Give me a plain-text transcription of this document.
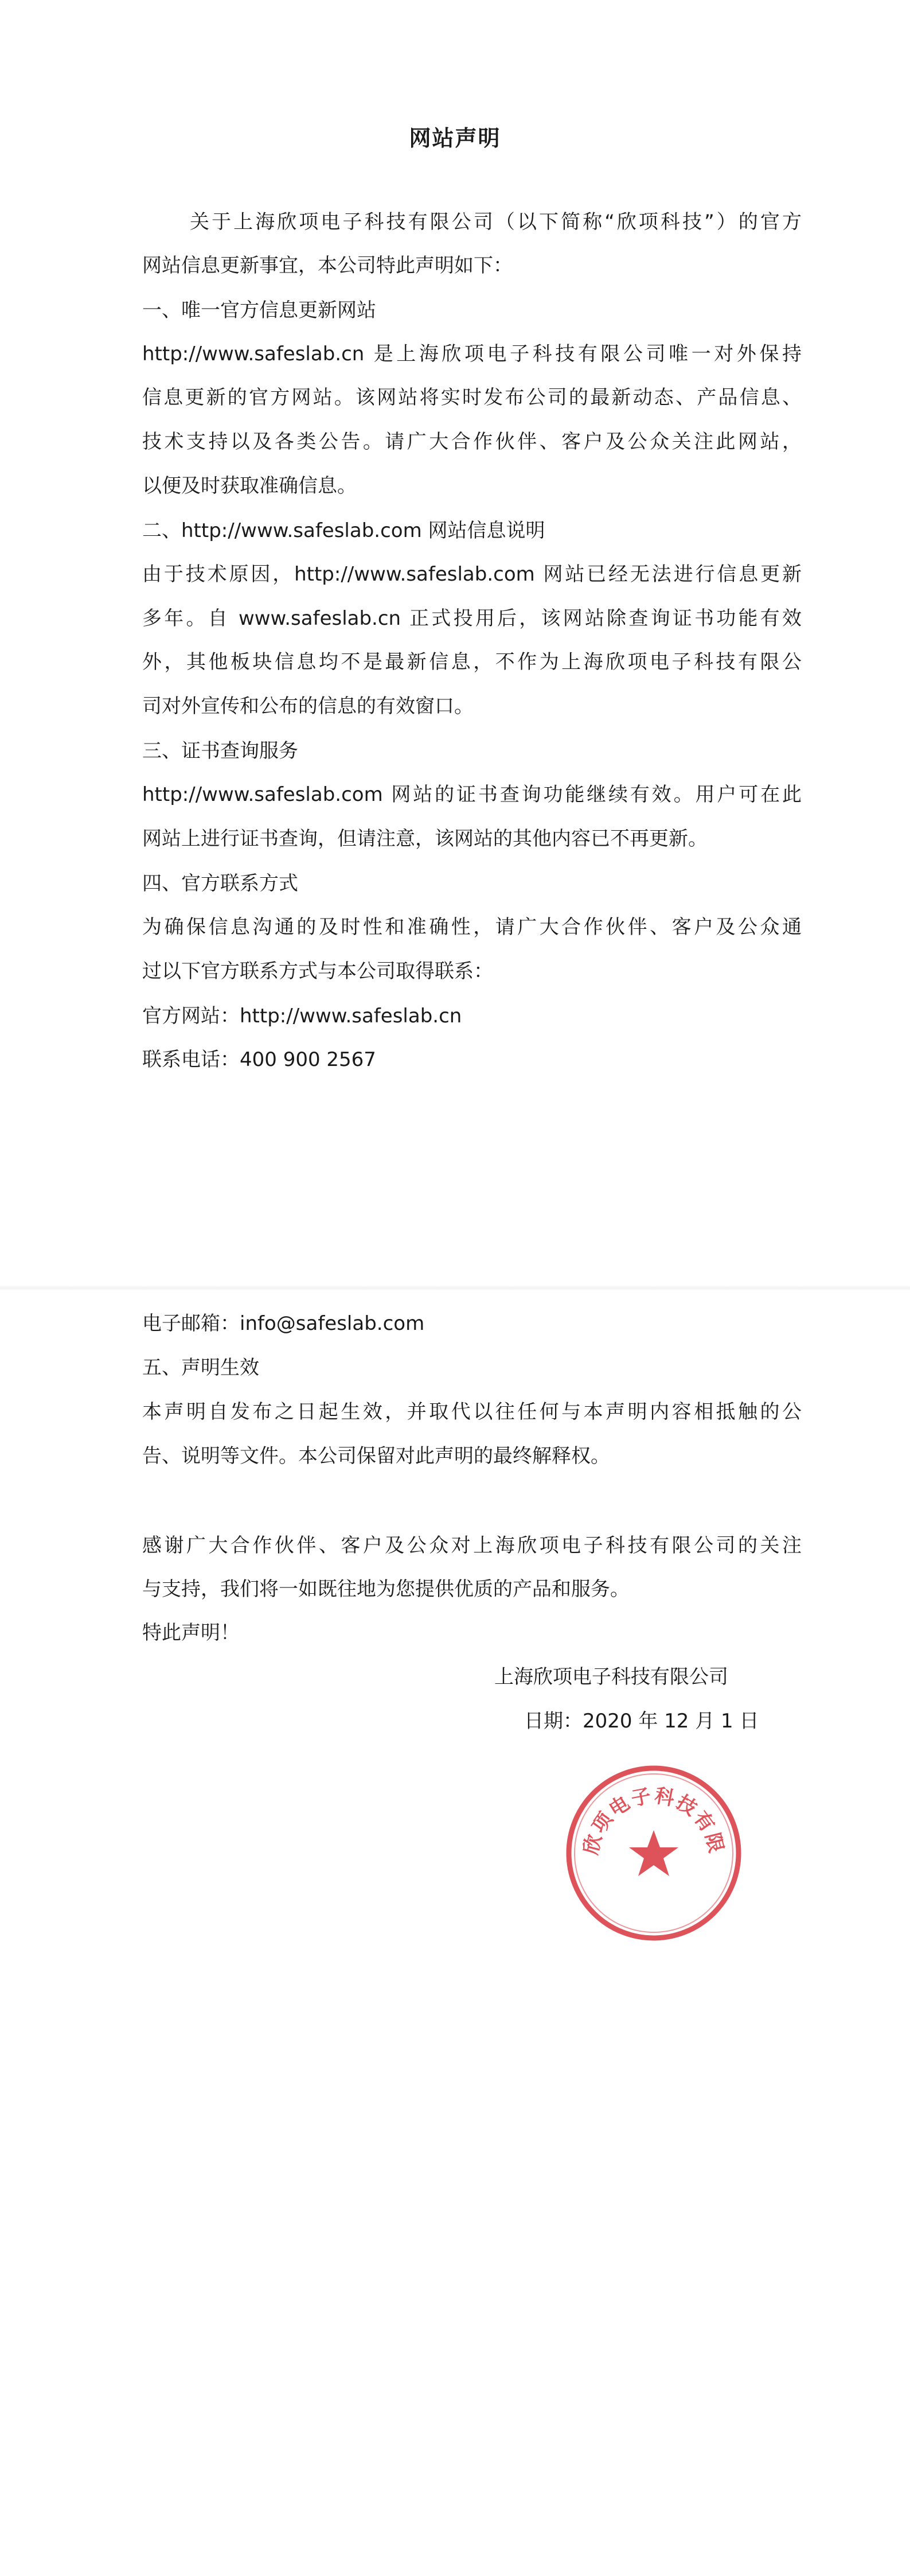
网站声明
关于上海欣项电子科技有限公司（以下简称“欣项科技”）的官方
网站信息更新事宜，本公司特此声明如下：
一、唯一官方信息更新网站
http://www.safeslab.cn 是上海欣项电子科技有限公司唯一对外保持
信息更新的官方网站。该网站将实时发布公司的最新动态、产品信息、
技术支持以及各类公告。请广大合作伙伴、客户及公众关注此网站，
以便及时获取准确信息。
二、http://www.safeslab.com 网站信息说明
由于技术原因，http://www.safeslab.com 网站已经无法进行信息更新
多年。自 www.safeslab.cn 正式投用后，该网站除查询证书功能有效
外，其他板块信息均不是最新信息，不作为上海欣项电子科技有限公
司对外宣传和公布的信息的有效窗口。
三、证书查询服务
http://www.safeslab.com 网站的证书查询功能继续有效。用户可在此
网站上进行证书查询，但请注意，该网站的其他内容已不再更新。
四、官方联系方式
为确保信息沟通的及时性和准确性，请广大合作伙伴、客户及公众通
过以下官方联系方式与本公司取得联系：
官方网站：http://www.safeslab.cn
联系电话：400 900 2567
电子邮箱：info@safeslab.com
五、声明生效
本声明自发布之日起生效，并取代以往任何与本声明内容相抵触的公
告、说明等文件。本公司保留对此声明的最终解释权。
感谢广大合作伙伴、客户及公众对上海欣项电子科技有限公司的关注
与支持，我们将一如既往地为您提供优质的产品和服务。
特此声明！
上海欣项电子科技有限公司
日期：2020 年 12 月 1 日
欣项电子科技有限
